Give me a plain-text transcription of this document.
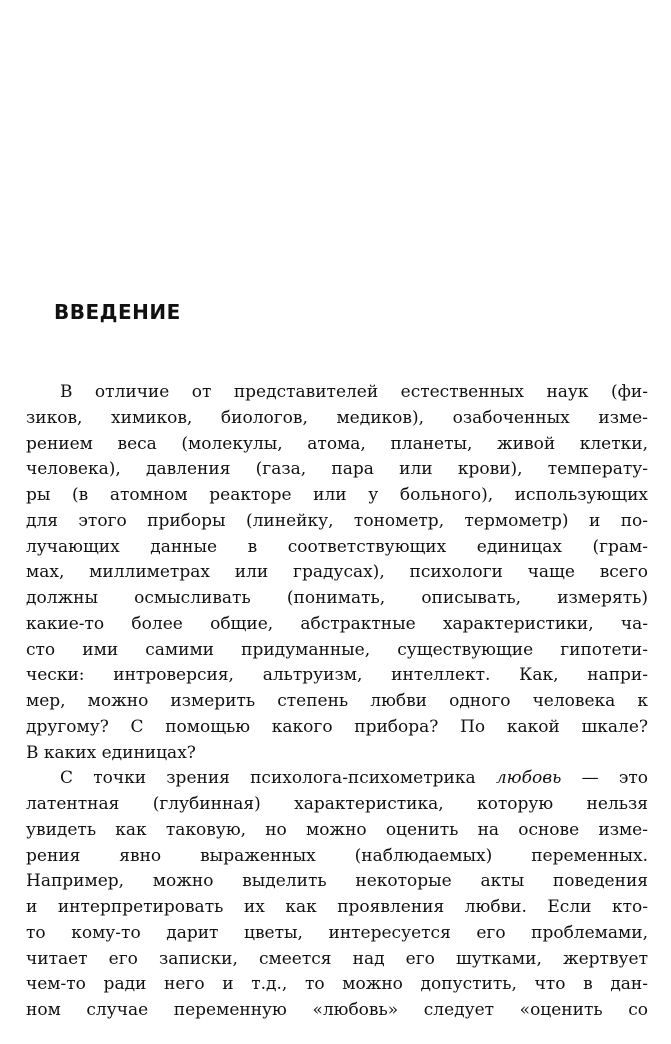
ВВЕДЕНИЕ
В отличие от представителей естественных наук (фи-
зиков, химиков, биологов, медиков), озабоченных изме-
рением веса (молекулы, атома, планеты, живой клетки,
человека), давления (газа, пара или крови), температу-
ры (в атомном реакторе или у больного), использующих
для этого приборы (линейку, тонометр, термометр) и по-
лучающих данные в соответствующих единицах (грам-
мах, миллиметрах или градусах), психологи чаще всего
должны осмысливать (понимать, описывать, измерять)
какие-то более общие, абстрактные характеристики, ча-
сто ими самими придуманные, существующие гипотети-
чески: интроверсия, альтруизм, интеллект. Как, напри-
мер, можно измерить степень любви одного человека к
другому? С помощью какого прибора? По какой шкале?
В каких единицах?
С точки зрения психолога-психометрика любовь — это
латентная (глубинная) характеристика, которую нельзя
увидеть как таковую, но можно оценить на основе изме-
рения явно выраженных (наблюдаемых) переменных.
Например, можно выделить некоторые акты поведения
и интерпретировать их как проявления любви. Если кто-
то кому-то дарит цветы, интересуется его проблемами,
читает его записки, смеется над его шутками, жертвует
чем-то ради него и т.д., то можно допустить, что в дан-
ном случае переменную «любовь» следует «оценить со
